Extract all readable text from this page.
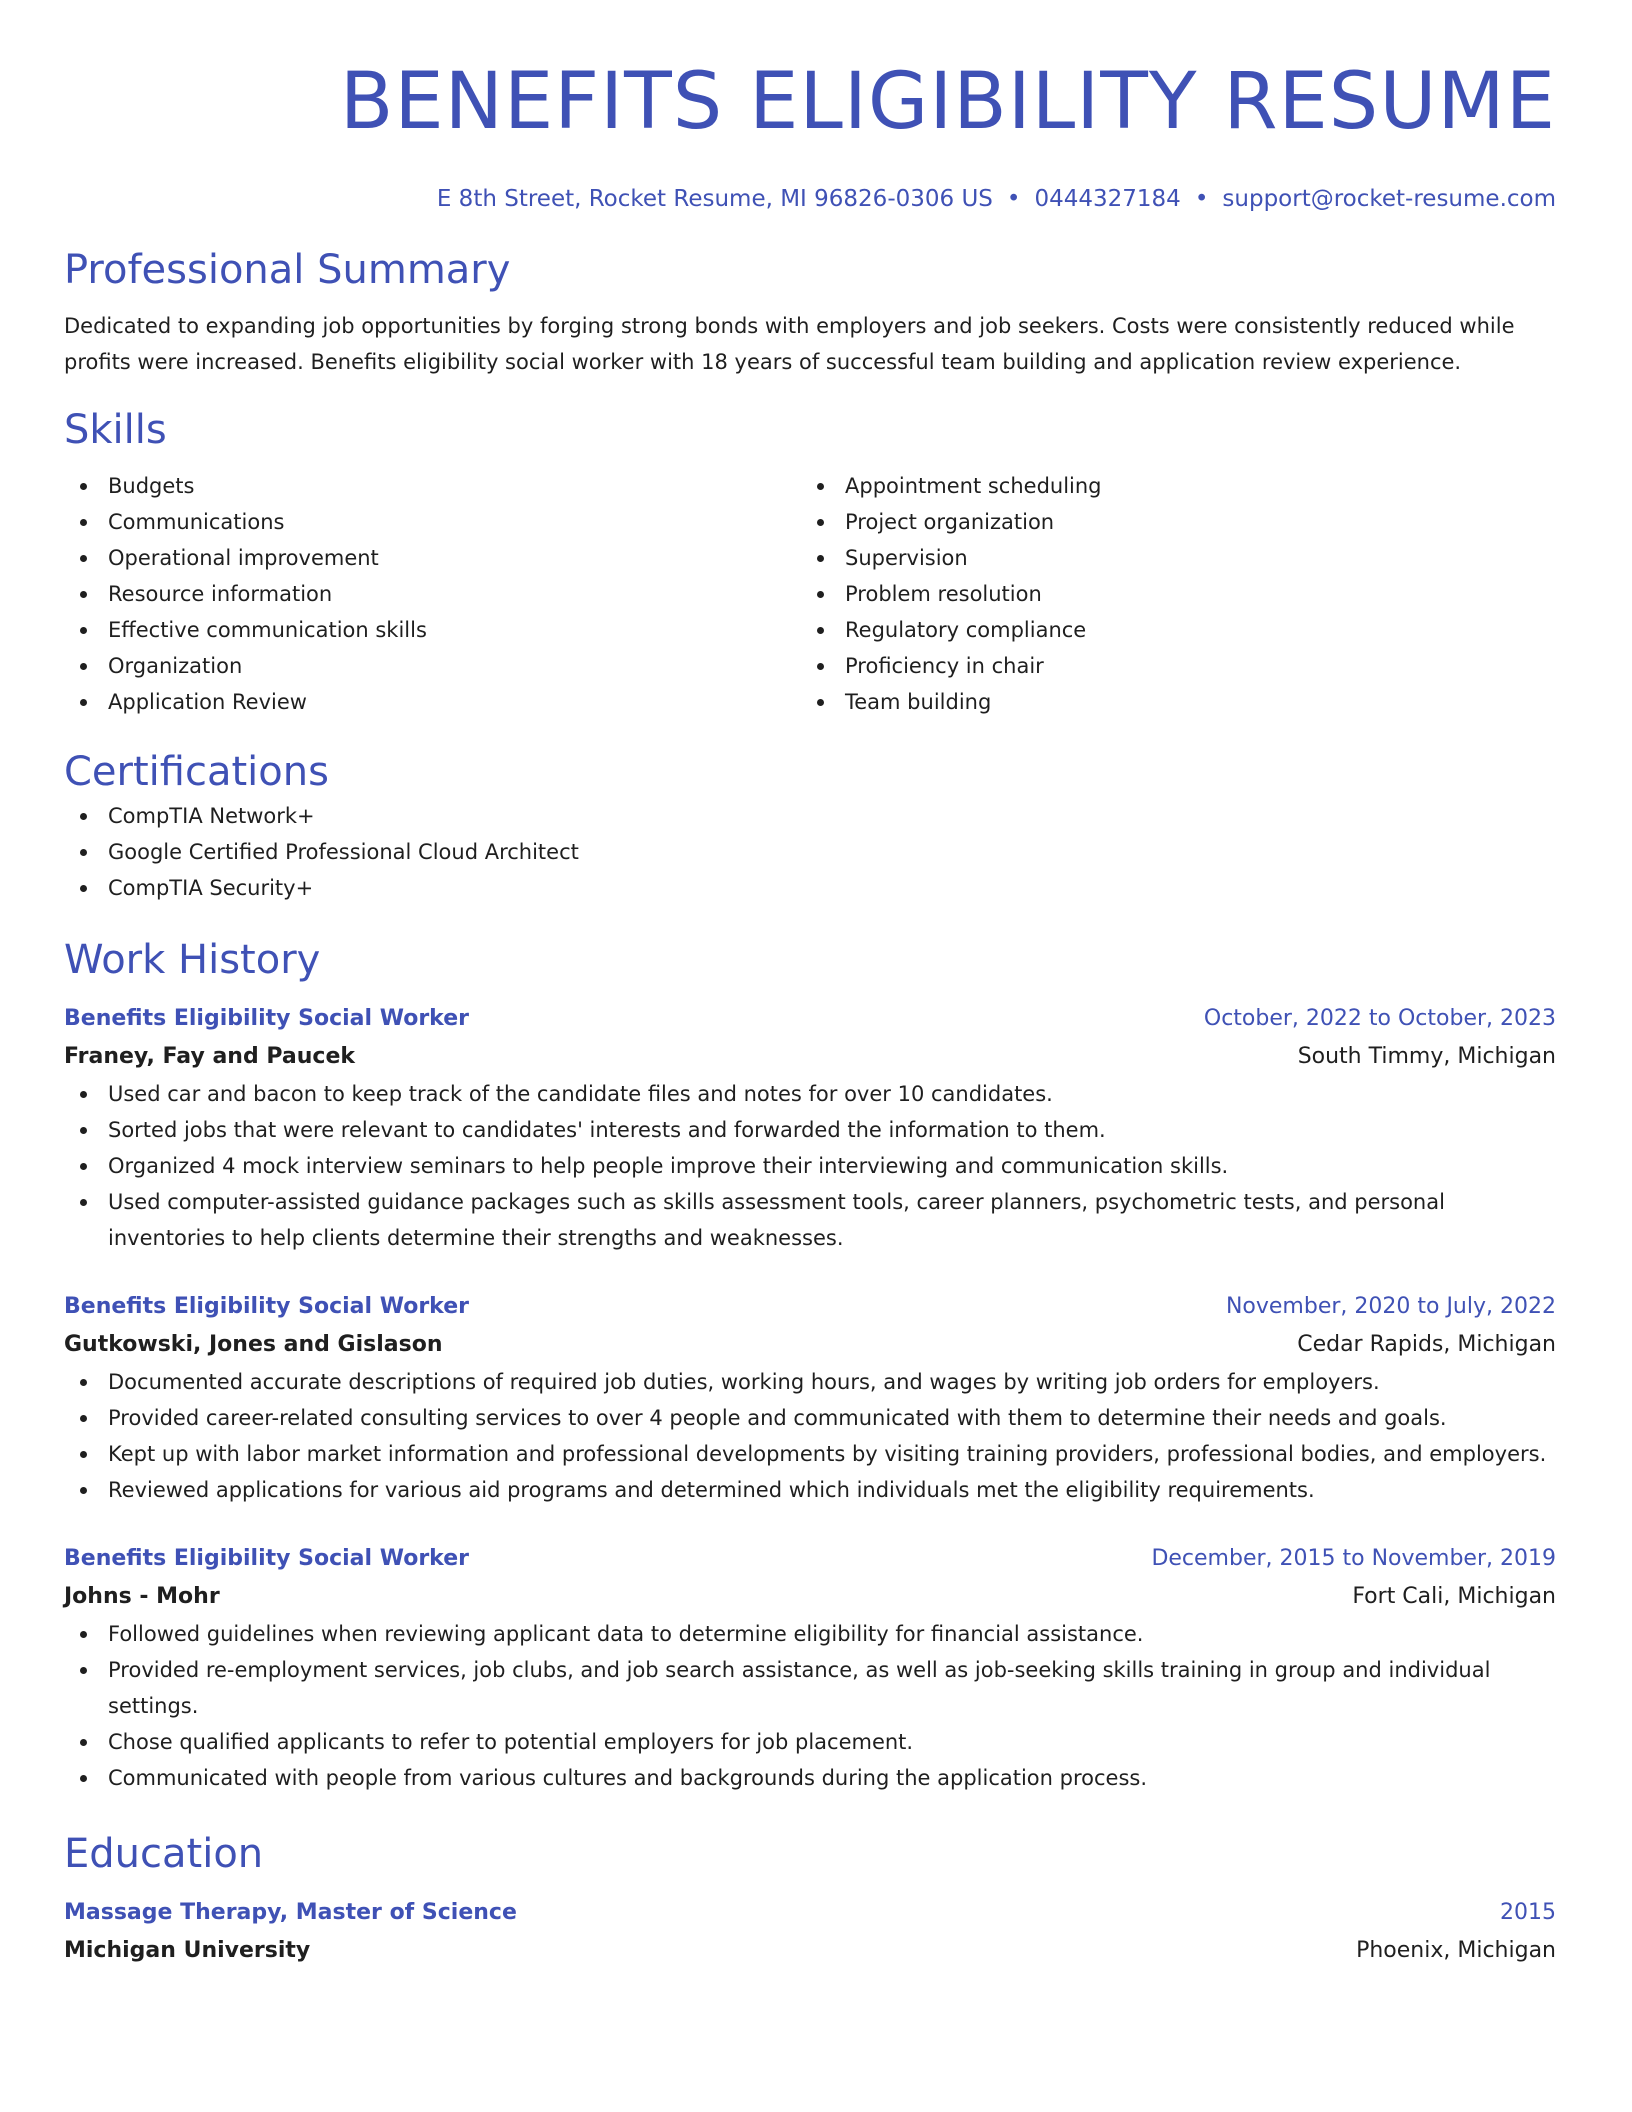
BENEFITS ELIGIBILITY RESUME
E 8th Street, Rocket Resume, MI 96826-0306 US • 0444327184 • support@rocket-resume.com
Professional Summary
Dedicated to expanding job opportunities by forging strong bonds with employers and job seekers. Costs were consistently reduced while profits were increased. Benefits eligibility social worker with 18 years of successful team building and application review experience.
Skills
Budgets
Communications
Operational improvement
Resource information
Effective communication skills
Organization
Application Review
Appointment scheduling
Project organization
Supervision
Problem resolution
Regulatory compliance
Proficiency in chair
Team building
Certifications
CompTIA Network+
Google Certified Professional Cloud Architect
CompTIA Security+
Work History
Benefits Eligibility Social Worker	October, 2022 to October, 2023
Franey, Fay and Paucek	South Timmy, Michigan
Used car and bacon to keep track of the candidate files and notes for over 10 candidates.
Sorted jobs that were relevant to candidates' interests and forwarded the information to them.
Organized 4 mock interview seminars to help people improve their interviewing and communication skills.
Used computer-assisted guidance packages such as skills assessment tools, career planners, psychometric tests, and personal inventories to help clients determine their strengths and weaknesses.
Benefits Eligibility Social Worker	November, 2020 to July, 2022
Gutkowski, Jones and Gislason	Cedar Rapids, Michigan
Documented accurate descriptions of required job duties, working hours, and wages by writing job orders for employers.
Provided career-related consulting services to over 4 people and communicated with them to determine their needs and goals.
Kept up with labor market information and professional developments by visiting training providers, professional bodies, and employers.
Reviewed applications for various aid programs and determined which individuals met the eligibility requirements.
Benefits Eligibility Social Worker	December, 2015 to November, 2019
Johns - Mohr	Fort Cali, Michigan
Followed guidelines when reviewing applicant data to determine eligibility for financial assistance.
Provided re-employment services, job clubs, and job search assistance, as well as job-seeking skills training in group and individual settings.
Chose qualified applicants to refer to potential employers for job placement.
Communicated with people from various cultures and backgrounds during the application process.
Education
Massage Therapy, Master of Science	2015
Michigan University	Phoenix, Michigan
